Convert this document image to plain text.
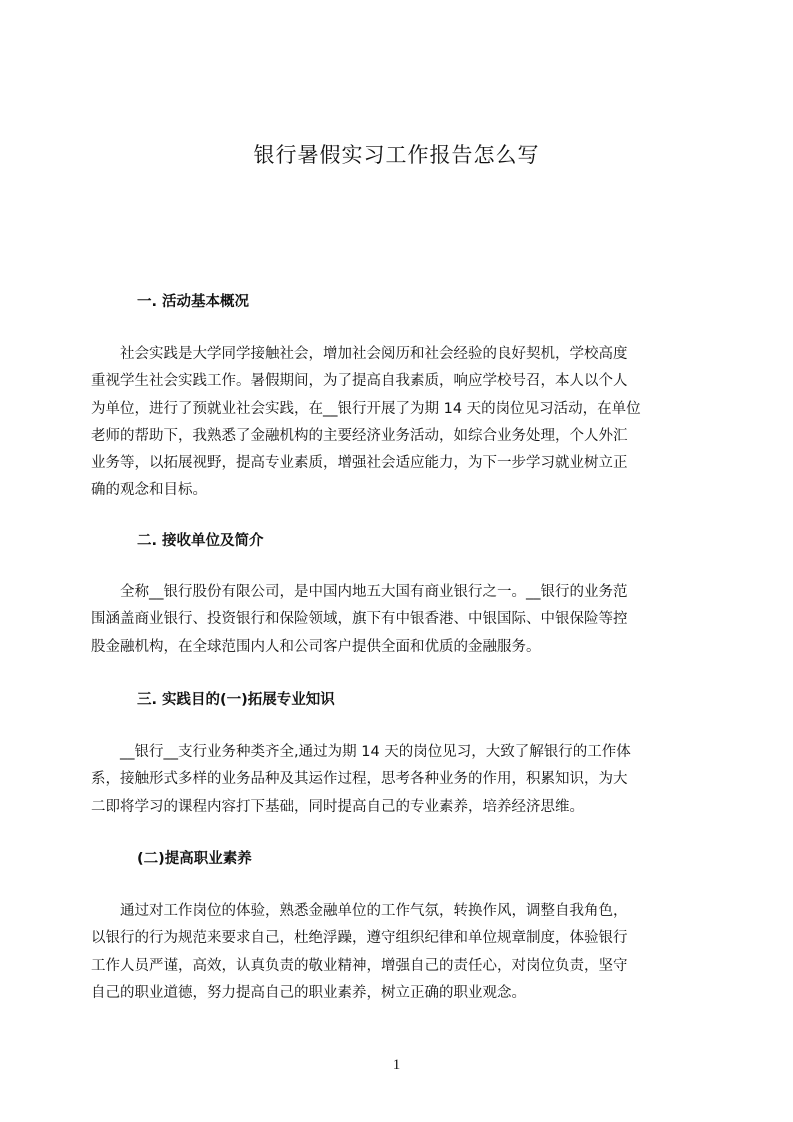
银行暑假实习工作报告怎么写
一. 活动基本概况
　　社会实践是大学同学接触社会，增加社会阅历和社会经验的良好契机，学校高度
重视学生社会实践工作。暑假期间，为了提高自我素质，响应学校号召，本人以个人
为单位，进行了预就业社会实践，在__银行开展了为期 14 天的岗位见习活动，在单位
老师的帮助下，我熟悉了金融机构的主要经济业务活动，如综合业务处理，个人外汇
业务等，以拓展视野，提高专业素质，增强社会适应能力，为下一步学习就业树立正
确的观念和目标。
二. 接收单位及简介
　　全称__银行股份有限公司，是中国内地五大国有商业银行之一。__银行的业务范
围涵盖商业银行、投资银行和保险领域，旗下有中银香港、中银国际、中银保险等控
股金融机构，在全球范围内人和公司客户提供全面和优质的金融服务。
三. 实践目的(一)拓展专业知识
　　__银行__支行业务种类齐全,通过为期 14 天的岗位见习，大致了解银行的工作体
系，接触形式多样的业务品种及其运作过程，思考各种业务的作用，积累知识，为大
二即将学习的课程内容打下基础，同时提高自己的专业素养，培养经济思维。
(二)提高职业素养
　　通过对工作岗位的体验，熟悉金融单位的工作气氛，转换作风，调整自我角色，
以银行的行为规范来要求自己，杜绝浮躁，遵守组织纪律和单位规章制度，体验银行
工作人员严谨，高效，认真负责的敬业精神，增强自己的责任心，对岗位负责，坚守
自己的职业道德，努力提高自己的职业素养，树立正确的职业观念。
1
